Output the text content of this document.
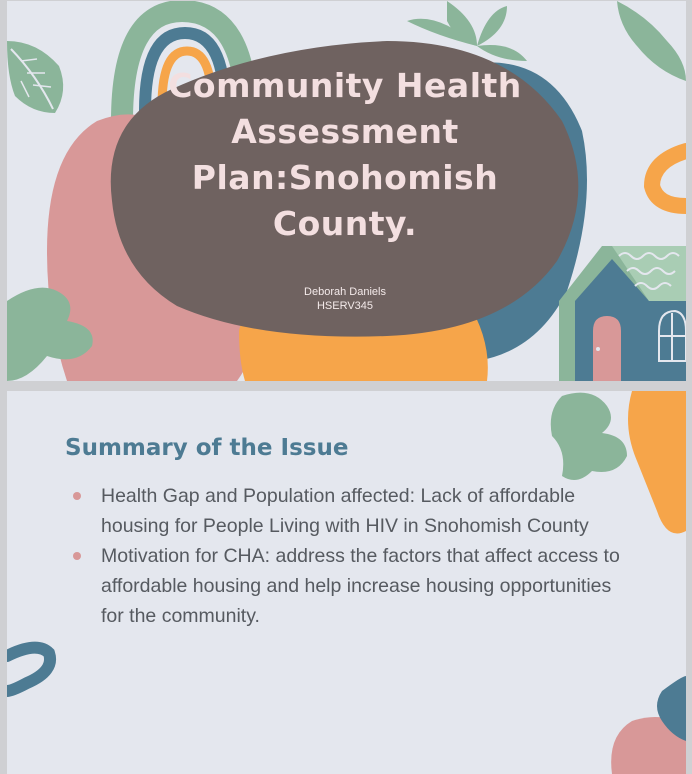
Community Health Assessment Plan:Snohomish County.
Deborah Daniels
HSERV345
Summary of the Issue
Health Gap and Population affected: Lack of affordable housing for People Living with HIV in Snohomish County
Motivation for CHA: address the factors that affect access to affordable housing and help increase housing opportunities for the community.
